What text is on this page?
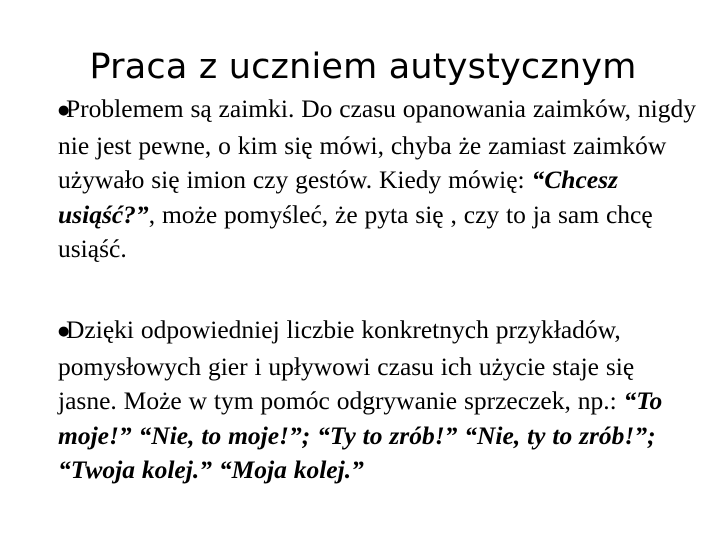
Praca z uczniem autystycznym
●Problemem są zaimki. Do czasu opanowania zaimków, nigdy nie jest pewne, o kim się mówi, chyba że zamiast zaimków używało się imion czy gestów. Kiedy mówię: “Chcesz usiąść?”, może pomyśleć, że pyta się , czy to ja sam chcę usiąść.
●Dzięki odpowiedniej liczbie konkretnych przykładów, pomysłowych gier i upływowi czasu ich użycie staje się jasne. Może w tym pomóc odgrywanie sprzeczek, np.: “To moje!” “Nie, to moje!”; “Ty to zrób!” “Nie, ty to zrób!”; “Twoja kolej.” “Moja kolej.”
